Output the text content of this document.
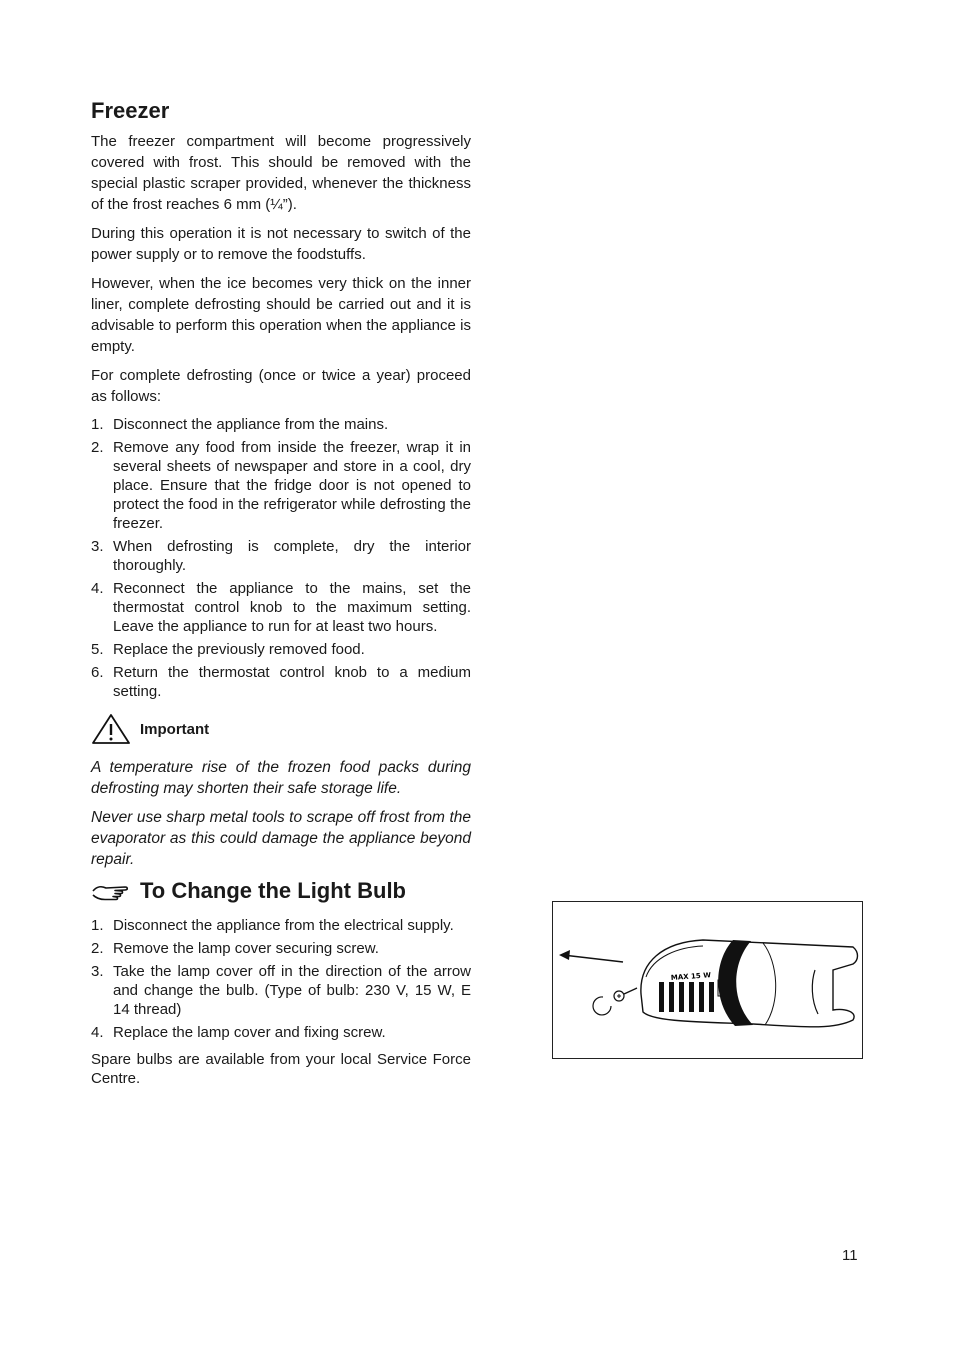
Freezer

The freezer compartment will become progressively covered with frost. This should be removed with the special plastic scraper provided, whenever the thickness of the frost reaches 6 mm (¼”).

During this operation it is not necessary to switch of the power supply or to remove the foodstuffs.

However, when the ice becomes very thick on the inner liner, complete defrosting should be carried out and it is advisable to perform this operation when the appliance is empty.

For complete defrosting (once or twice a year) proceed as follows:

1. Disconnect the appliance from the mains.
2. Remove any food from inside the freezer, wrap it in several sheets of newspaper and store in a cool, dry place. Ensure that the fridge door is not opened to protect the food in the refrigerator while defrosting the freezer.
3. When defrosting is complete, dry the interior thoroughly.
4. Reconnect the appliance to the mains, set the thermostat control knob to the maximum setting. Leave the appliance to run for at least two hours.
5. Replace the previously removed food.
6. Return the thermostat control knob to a medium setting.
Important

A temperature rise of the frozen food packs during defrosting may shorten their safe storage life.

Never use sharp metal tools to scrape off frost from the evaporator as this could damage the appliance beyond repair.

To Change the Light Bulb
1. Disconnect the appliance from the electrical supply.
2. Remove the lamp cover securing screw.
3. Take the lamp cover off in the direction of the arrow and change the bulb. (Type of bulb: 230 V, 15 W, E 14 thread)
4. Replace the lamp cover and fixing screw.

Spare bulbs are available from your local Service Force Centre.

MAX 15 W
11
